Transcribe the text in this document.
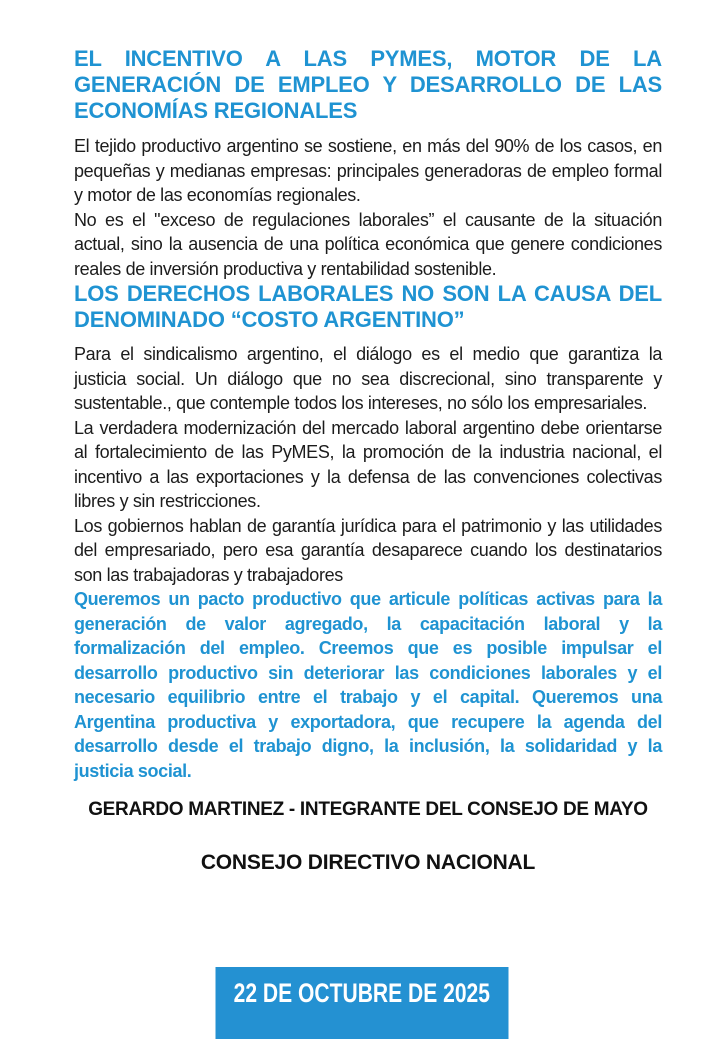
EL INCENTIVO A LAS PYMES, MOTOR DE LA GENERACIÓN DE EMPLEO Y DESARROLLO DE LAS ECONOMÍAS REGIONALES

El tejido productivo argentino se sostiene, en más del 90% de los casos, en pequeñas y medianas empresas: principales generadoras de empleo formal y motor de las economías regionales.

No es el "exceso de regulaciones laborales” el causante de la situación actual, sino la ausencia de una política económica que genere condiciones reales de inversión productiva y rentabilidad sostenible.

LOS DERECHOS LABORALES NO SON LA CAUSA DEL DENOMINADO “COSTO ARGENTINO”

Para el sindicalismo argentino, el diálogo es el medio que garantiza la justicia social. Un diálogo que no sea discrecional, sino transparente y sustentable., que contemple todos los intereses, no sólo los empresariales.

La verdadera modernización del mercado laboral argentino debe orientarse al fortalecimiento de las PyMES, la promoción de la industria nacional, el incentivo a las exportaciones y la defensa de las convenciones colectivas libres y sin restricciones.

Los gobiernos hablan de garantía jurídica para el patrimonio y las utilidades del empresariado, pero esa garantía desaparece cuando los destinatarios son las trabajadoras y trabajadores

Queremos un pacto productivo que articule políticas activas para la generación de valor agregado, la capacitación laboral y la formalización del empleo. Creemos que es posible impulsar el desarrollo productivo sin deteriorar las condiciones laborales y el necesario equilibrio entre el trabajo y el capital. Queremos una Argentina productiva y exportadora, que recupere la agenda del desarrollo desde el trabajo digno, la inclusión, la solidaridad y la justicia social.

GERARDO MARTINEZ - INTEGRANTE DEL CONSEJO DE MAYO

CONSEJO DIRECTIVO NACIONAL

22 DE OCTUBRE DE 2025
